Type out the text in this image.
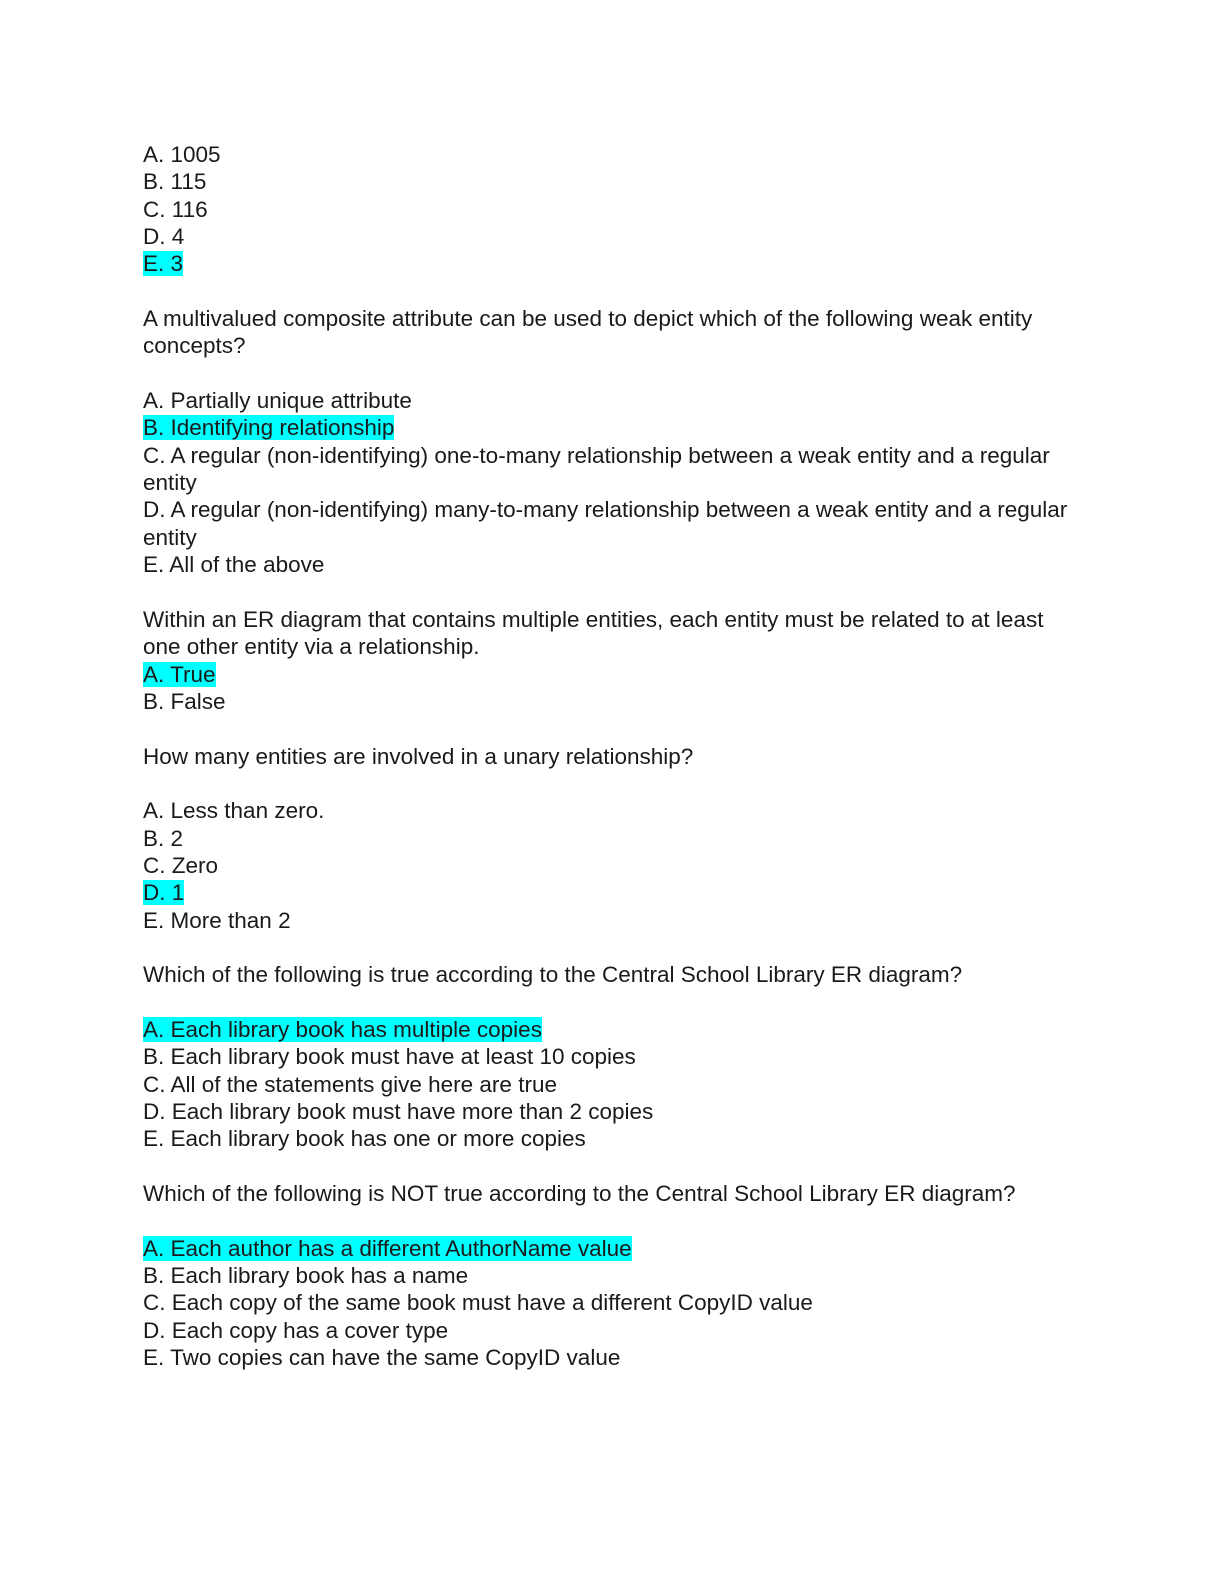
A. 1005
B. 115
C. 116
D. 4
E. 3
A multivalued composite attribute can be used to depict which of the following weak entity concepts?
A. Partially unique attribute
B. Identifying relationship
C. A regular (non-identifying) one-to-many relationship between a weak entity and a regular entity
D. A regular (non-identifying) many-to-many relationship between a weak entity and a regular entity
E. All of the above
Within an ER diagram that contains multiple entities, each entity must be related to at least one other entity via a relationship.
A. True
B. False
How many entities are involved in a unary relationship?
A. Less than zero.
B. 2
C. Zero
D. 1
E. More than 2
Which of the following is true according to the Central School Library ER diagram?
A. Each library book has multiple copies
B. Each library book must have at least 10 copies
C. All of the statements give here are true
D. Each library book must have more than 2 copies
E. Each library book has one or more copies
Which of the following is NOT true according to the Central School Library ER diagram?
A. Each author has a different AuthorName value
B. Each library book has a name
C. Each copy of the same book must have a different CopyID value
D. Each copy has a cover type
E. Two copies can have the same CopyID value
